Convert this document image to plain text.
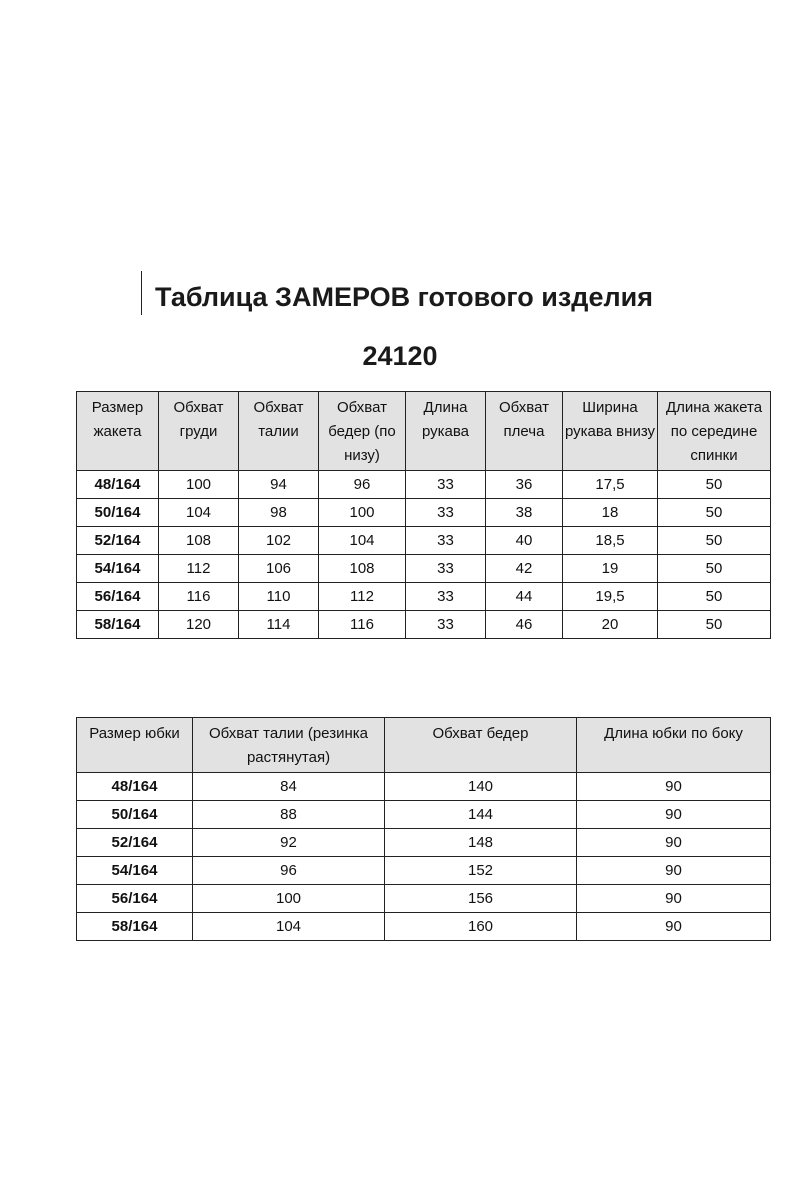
Таблица ЗАМЕРОВ готового изделия
24120
Размер жакета	Обхват груди	Обхват талии	Обхват бедер (по низу)	Длина рукава	Обхват плеча	Ширина рукава внизу	Длина жакета по середине спинки
48/164	100	94	96	33	36	17,5	50
50/164	104	98	100	33	38	18	50
52/164	108	102	104	33	40	18,5	50
54/164	112	106	108	33	42	19	50
56/164	116	110	112	33	44	19,5	50
58/164	120	114	116	33	46	20	50
Размер юбки	Обхват талии (резинка растянутая)	Обхват бедер	Длина юбки по боку
48/164	84	140	90
50/164	88	144	90
52/164	92	148	90
54/164	96	152	90
56/164	100	156	90
58/164	104	160	90
